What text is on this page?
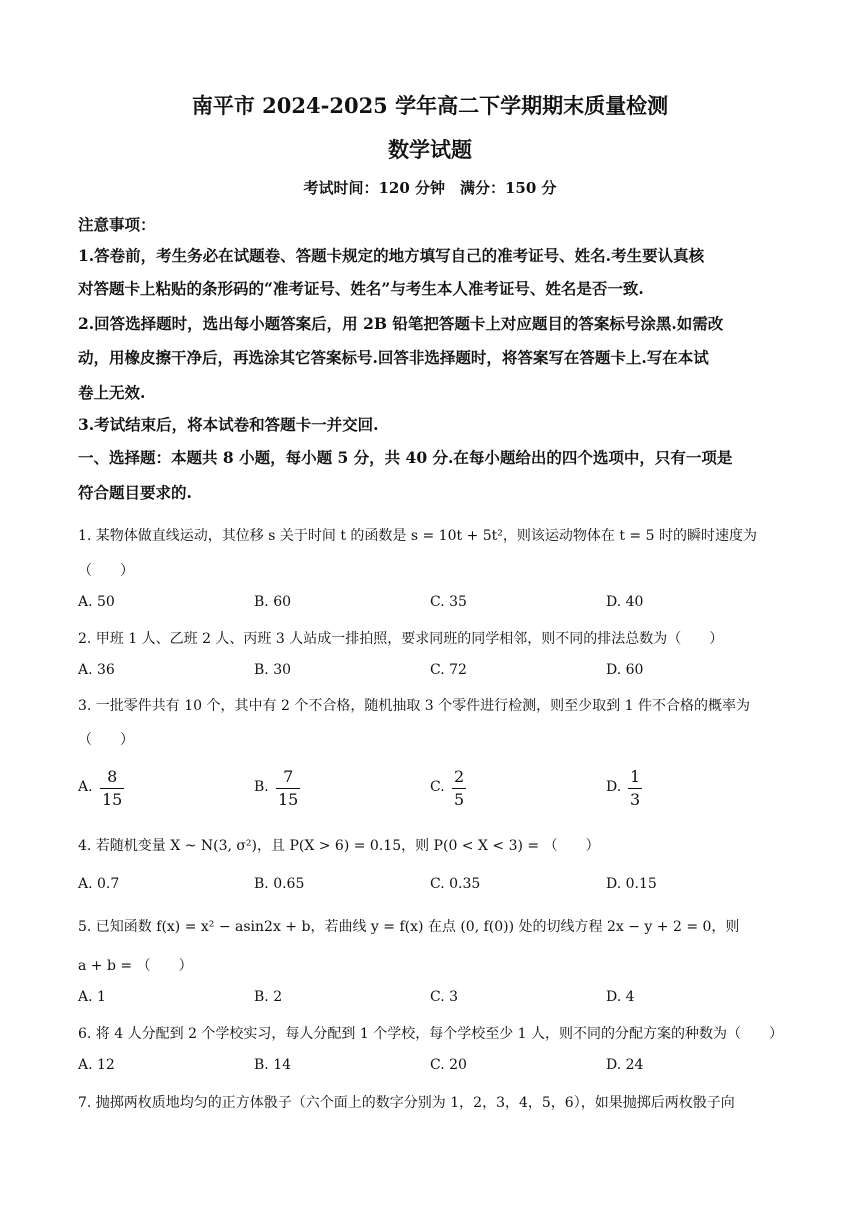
南平市 2024-2025 学年高二下学期期末质量检测
数学试题
考试时间：120 分钟　满分：150 分
注意事项：
1.答卷前，考生务必在试题卷、答题卡规定的地方填写自己的准考证号、姓名.考生要认真核
对答题卡上粘贴的条形码的“准考证号、姓名”与考生本人准考证号、姓名是否一致.
2.回答选择题时，选出每小题答案后，用 2B 铅笔把答题卡上对应题目的答案标号涂黑.如需改
动，用橡皮擦干净后，再选涂其它答案标号.回答非选择题时，将答案写在答题卡上.写在本试
卷上无效.
3.考试结束后，将本试卷和答题卡一并交回.
一、选择题：本题共 8 小题，每小题 5 分，共 40 分.在每小题给出的四个选项中，只有一项是
符合题目要求的.
1. 某物体做直线运动，其位移 s 关于时间 t 的函数是 s = 10t + 5t²，则该运动物体在 t = 5 时的瞬时速度为
（　　）
A. 50	B. 60	C. 35	D. 40
2. 甲班 1 人、乙班 2 人、丙班 3 人站成一排拍照，要求同班的同学相邻，则不同的排法总数为（　　）
A. 36	B. 30	C. 72	D. 60
3. 一批零件共有 10 个，其中有 2 个不合格，随机抽取 3 个零件进行检测，则至少取到 1 件不合格的概率为
（　　）
A.
8
15
B.
7
15
C.
2
5
D.
1
3
4. 若随机变量 X ~ N(3, σ²)，且 P(X > 6) = 0.15，则 P(0 < X < 3) = （　　）
A. 0.7	B. 0.65	C. 0.35	D. 0.15
5. 已知函数 f(x) = x² − asin2x + b，若曲线 y = f(x) 在点 (0, f(0)) 处的切线方程 2x − y + 2 = 0，则
a + b = （　　）
A. 1	B. 2	C. 3	D. 4
6. 将 4 人分配到 2 个学校实习，每人分配到 1 个学校，每个学校至少 1 人，则不同的分配方案的种数为（　　）
A. 12	B. 14	C. 20	D. 24
7. 抛掷两枚质地均匀的正方体骰子（六个面上的数字分别为 1，2，3，4，5，6），如果抛掷后两枚骰子向
